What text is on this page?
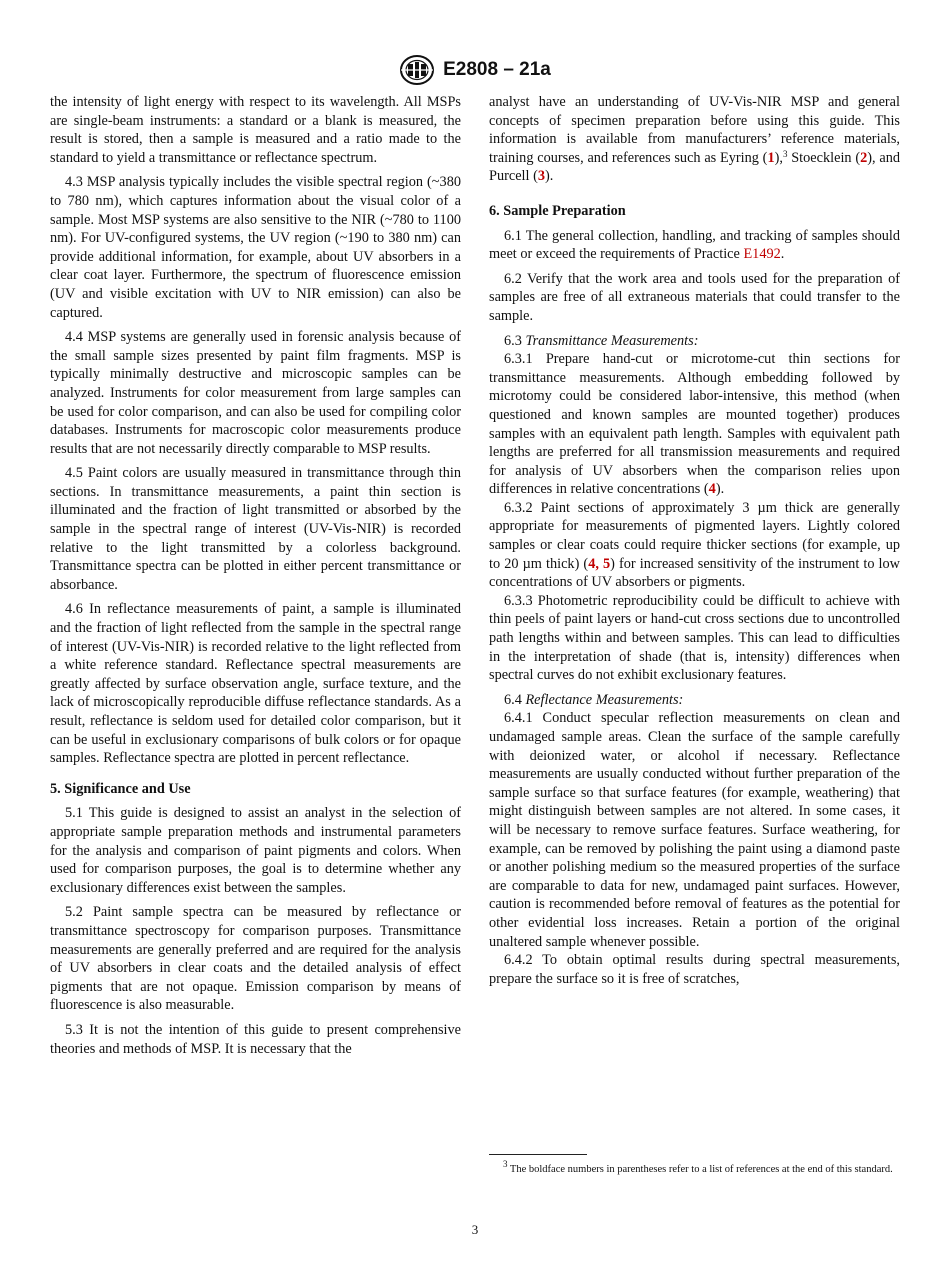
E2808 – 21a

the intensity of light energy with respect to its wavelength. All MSPs are single-beam instruments: a standard or a blank is measured, the result is stored, then a sample is measured and a ratio made to the standard to yield a transmittance or reflectance spectrum.

4.3 MSP analysis typically includes the visible spectral region (~380 to 780 nm), which captures information about the visual color of a sample. Most MSP systems are also sensitive to the NIR (~780 to 1100 nm). For UV-configured systems, the UV region (~190 to 380 nm) can provide additional information, for example, about UV absorbers in a clear coat layer. Furthermore, the spectrum of fluorescence emission (UV and visible excitation with UV to NIR emission) can also be captured.

4.4 MSP systems are generally used in forensic analysis because of the small sample sizes presented by paint film fragments. MSP is typically minimally destructive and microscopic samples can be analyzed. Instruments for color measurement from large samples can be used for color comparison, and can also be used for compiling color databases. Instruments for macroscopic color measurements produce results that are not necessarily directly comparable to MSP results.

4.5 Paint colors are usually measured in transmittance through thin sections. In transmittance measurements, a paint thin section is illuminated and the fraction of light transmitted or absorbed by the sample in the spectral range of interest (UV-Vis-NIR) is recorded relative to the light transmitted by a colorless background. Transmittance spectra can be plotted in either percent transmittance or absorbance.

4.6 In reflectance measurements of paint, a sample is illuminated and the fraction of light reflected from the sample in the spectral range of interest (UV-Vis-NIR) is recorded relative to the light reflected from a white reference standard. Reflectance spectral measurements are greatly affected by surface observation angle, surface texture, and the lack of microscopically reproducible diffuse reflectance standards. As a result, reflectance is seldom used for detailed color comparison, but it can be useful in exclusionary comparisons of bulk colors or for opaque samples. Reflectance spectra are plotted in percent reflectance.

5. Significance and Use

5.1 This guide is designed to assist an analyst in the selection of appropriate sample preparation methods and instrumental parameters for the analysis and comparison of paint pigments and colors. When used for comparison purposes, the goal is to determine whether any exclusionary differences exist between the samples.

5.2 Paint sample spectra can be measured by reflectance or transmittance spectroscopy for comparison purposes. Transmittance measurements are generally preferred and are required for the analysis of UV absorbers in clear coats and the detailed analysis of effect pigments that are not opaque. Emission comparison by means of fluorescence is also measurable.

5.3 It is not the intention of this guide to present comprehensive theories and methods of MSP. It is necessary that the

analyst have an understanding of UV-Vis-NIR MSP and general concepts of specimen preparation before using this guide. This information is available from manufacturers’ reference materials, training courses, and references such as Eyring (1),$^3$ Stoecklein (2), and Purcell (3).

6. Sample Preparation

6.1 The general collection, handling, and tracking of samples should meet or exceed the requirements of Practice E1492.

6.2 Verify that the work area and tools used for the preparation of samples are free of all extraneous materials that could transfer to the sample.

6.3 Transmittance Measurements:

6.3.1 Prepare hand-cut or microtome-cut thin sections for transmittance measurements. Although embedding followed by microtomy could be considered labor-intensive, this method (when questioned and known samples are mounted together) produces samples with an equivalent path length. Samples with equivalent path lengths are preferred for all transmission measurements and required for analysis of UV absorbers when the comparison relies upon differences in relative concentrations (4).

6.3.2 Paint sections of approximately 3 µm thick are generally appropriate for measurements of pigmented layers. Lightly colored samples or clear coats could require thicker sections (for example, up to 20 µm thick) (4, 5) for increased sensitivity of the instrument to low concentrations of UV absorbers or pigments.

6.3.3 Photometric reproducibility could be difficult to achieve with thin peels of paint layers or hand-cut cross sections due to uncontrolled path lengths within and between samples. This can lead to difficulties in the interpretation of shade (that is, intensity) differences when spectral curves do not exhibit exclusionary features.

6.4 Reflectance Measurements:

6.4.1 Conduct specular reflection measurements on clean and undamaged sample areas. Clean the surface of the sample carefully with deionized water, or alcohol if necessary. Reflectance measurements are usually conducted without further preparation of the sample surface so that surface features (for example, weathering) that might distinguish between samples are not altered. In some cases, it will be necessary to remove surface features. Surface weathering, for example, can be removed by polishing the paint using a diamond paste or another polishing medium so the measured properties of the surface are comparable to data for new, undamaged paint surfaces. However, caution is recommended before removal of features as the potential for other evidential loss increases. Retain a portion of the original unaltered sample whenever possible.

6.4.2 To obtain optimal results during spectral measurements, prepare the surface so it is free of scratches,

$^3$ The boldface numbers in parentheses refer to a list of references at the end of this standard.
3
